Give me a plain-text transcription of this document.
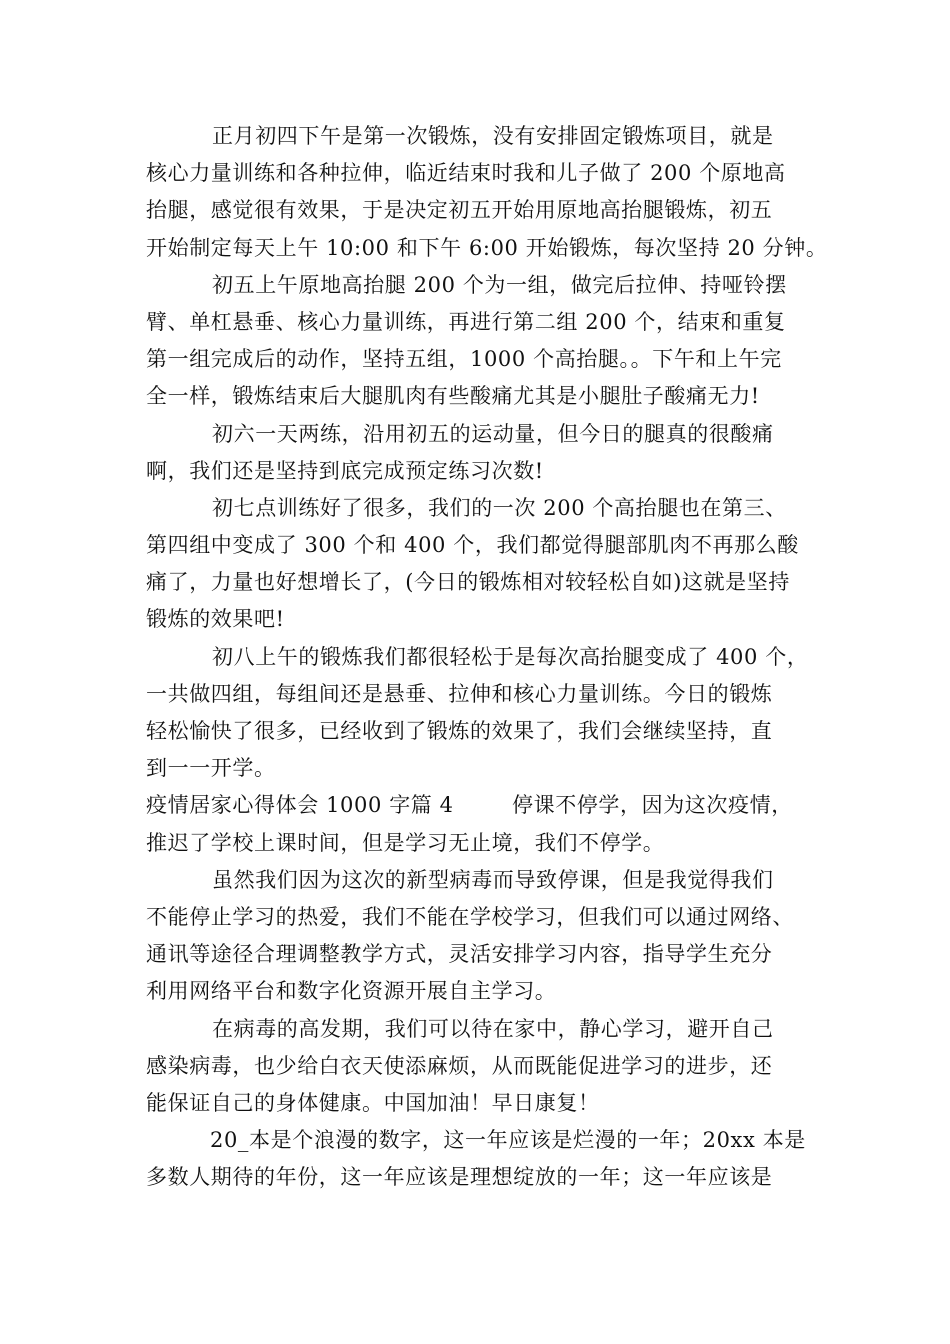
正月初四下午是第一次锻炼，没有安排固定锻炼项目，就是
核心力量训练和各种拉伸，临近结束时我和儿子做了 200 个原地高
抬腿，感觉很有效果，于是决定初五开始用原地高抬腿锻炼，初五
开始制定每天上午 10:00 和下午 6:00 开始锻炼，每次坚持 20 分钟。
初五上午原地高抬腿 200 个为一组，做完后拉伸、持哑铃摆
臂、单杠悬垂、核心力量训练，再进行第二组 200 个，结束和重复
第一组完成后的动作，坚持五组，1000 个高抬腿。。下午和上午完
全一样，锻炼结束后大腿肌肉有些酸痛尤其是小腿肚子酸痛无力!
初六一天两练，沿用初五的运动量，但今日的腿真的很酸痛
啊，我们还是坚持到底完成预定练习次数!
初七点训练好了很多，我们的一次 200 个高抬腿也在第三、
第四组中变成了 300 个和 400 个，我们都觉得腿部肌肉不再那么酸
痛了，力量也好想增长了，(今日的锻炼相对较轻松自如)这就是坚持
锻炼的效果吧!
初八上午的锻炼我们都很轻松于是每次高抬腿变成了 400 个，
一共做四组，每组间还是悬垂、拉伸和核心力量训练。今日的锻炼
轻松愉快了很多，已经收到了锻炼的效果了，我们会继续坚持，直
到一一开学。
疫情居家心得体会 1000 字篇 4	停课不停学，因为这次疫情，
推迟了学校上课时间，但是学习无止境，我们不停学。
虽然我们因为这次的新型病毒而导致停课，但是我觉得我们
不能停止学习的热爱，我们不能在学校学习，但我们可以通过网络、
通讯等途径合理调整教学方式，灵活安排学习内容，指导学生充分
利用网络平台和数字化资源开展自主学习。
在病毒的高发期，我们可以待在家中，静心学习，避开自己
感染病毒，也少给白衣天使添麻烦，从而既能促进学习的进步，还
能保证自己的身体健康。中国加油！早日康复！
20_本是个浪漫的数字，这一年应该是烂漫的一年；20xx 本是
多数人期待的年份，这一年应该是理想绽放的一年；这一年应该是
